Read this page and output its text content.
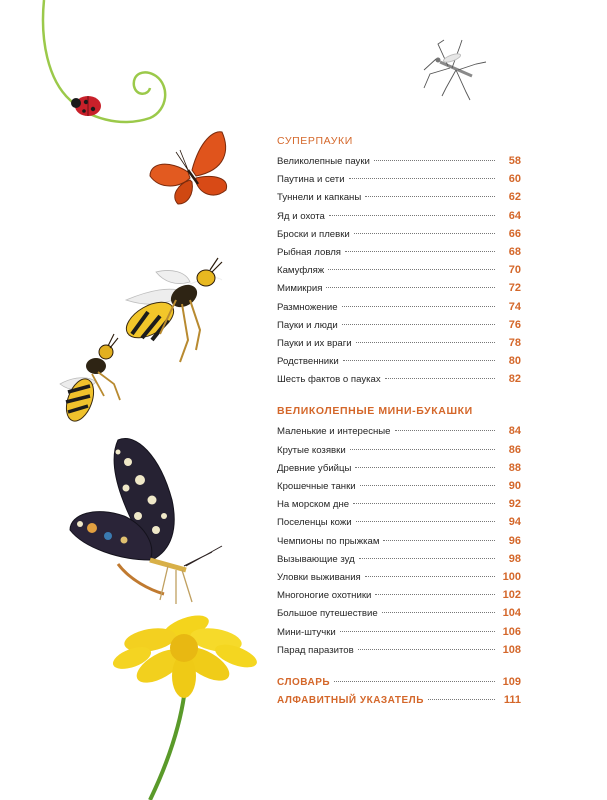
СУПЕРПАУКИ
Великолепные пауки	58
Паутина и сети	60
Туннели и капканы	62
Яд и охота	64
Броски и плевки	66
Рыбная ловля	68
Камуфляж	70
Мимикрия	72
Размножение	74
Пауки и люди	76
Пауки и их враги	78
Родственники	80
Шесть фактов о пауках	82
ВЕЛИКОЛЕПНЫЕ МИНИ-БУКАШКИ
Маленькие и интересные	84
Крутые козявки	86
Древние убийцы	88
Крошечные танки	90
На морском дне	92
Поселенцы кожи	94
Чемпионы по прыжкам	96
Вызывающие зуд	98
Уловки выживания	100
Многоногие охотники	102
Большое путешествие	104
Мини-штучки	106
Парад паразитов	108
СЛОВАРЬ	109
АЛФАВИТНЫЙ УКАЗАТЕЛЬ	111
